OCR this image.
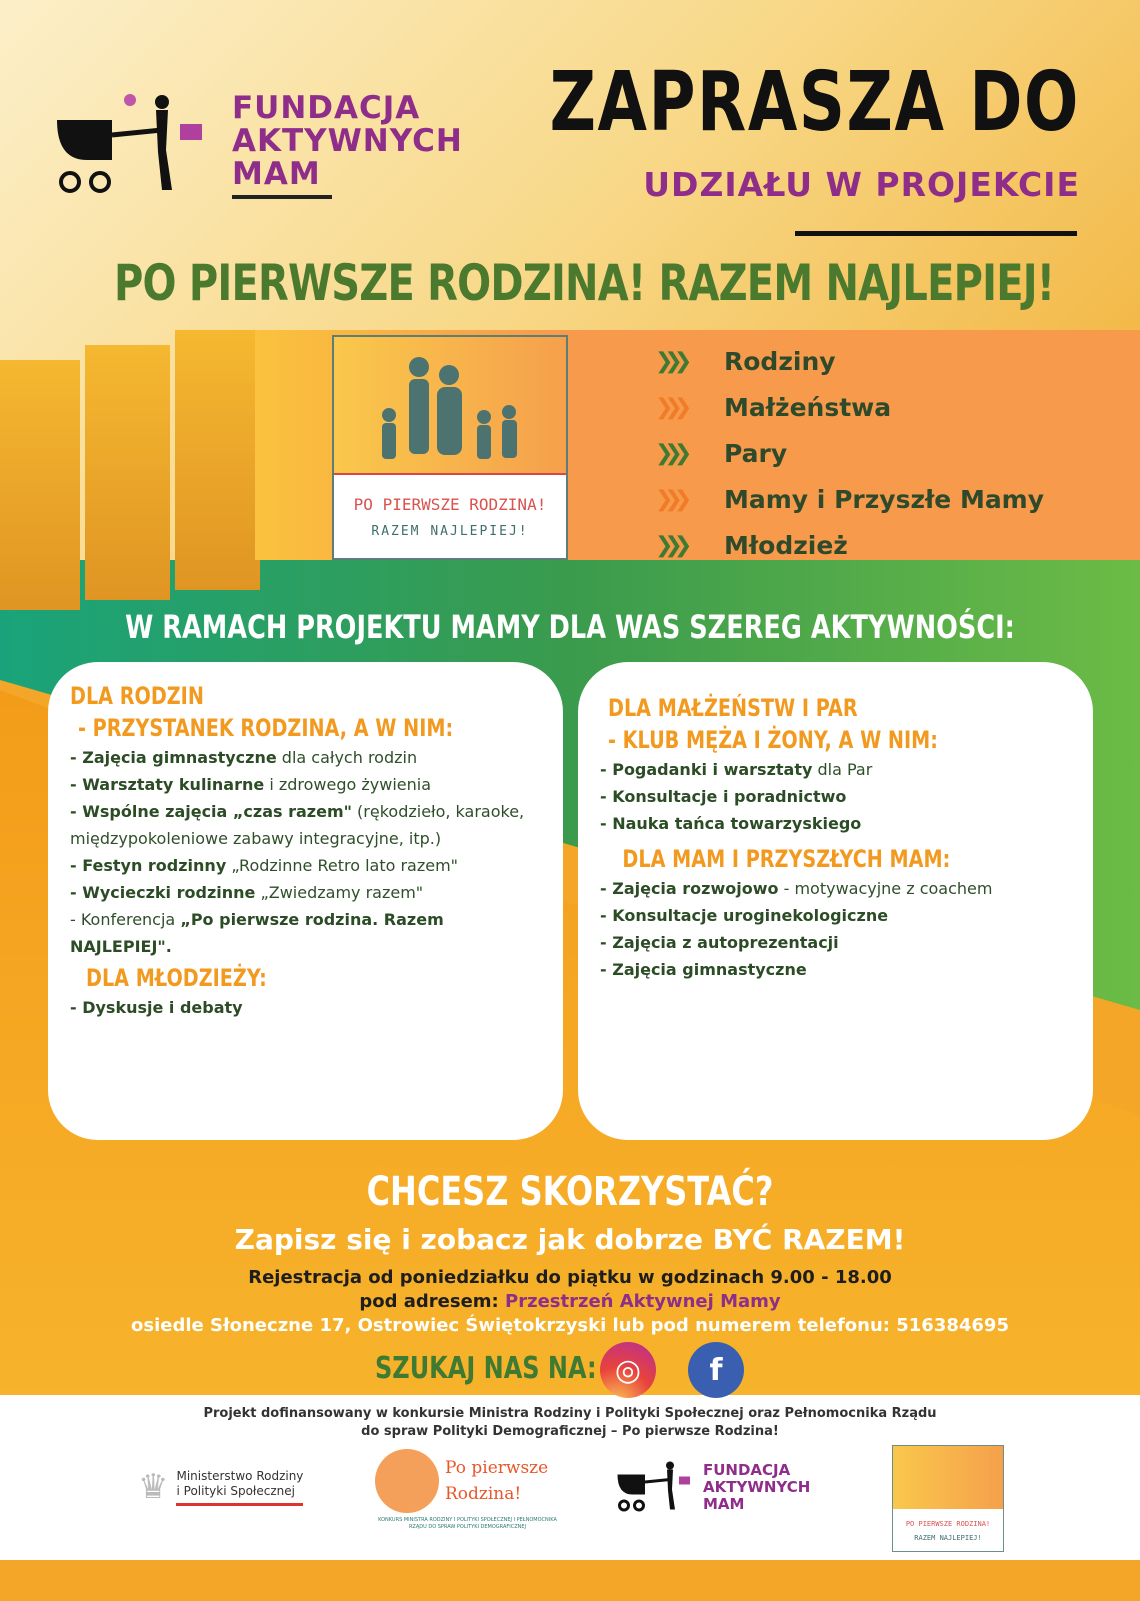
FUNDACJA
AKTYWNYCH
MAM
ZAPRASZA DO
UDZIAŁU W PROJEKCIE
PO PIERWSZE RODZINA! RAZEM NAJLEPIEJ!
PO PIERWSZE RODZINA!
RAZEM NAJLEPIEJ!
❯❯❯	Rodziny
❯❯❯	Małżeństwa
❯❯❯	Pary
❯❯❯	Mamy i Przyszłe Mamy
❯❯❯	Młodzież
W RAMACH PROJEKTU MAMY DLA WAS SZEREG AKTYWNOŚCI:
DLA RODZIN
- PRZYSTANEK RODZINA, A W NIM:
- Zajęcia gimnastyczne dla całych rodzin
- Warsztaty kulinarne i zdrowego żywienia
- Wspólne zajęcia „czas razem" (rękodzieło, karaoke, międzypokoleniowe zabawy integracyjne, itp.)
- Festyn rodzinny „Rodzinne Retro lato razem"
- Wycieczki rodzinne „Zwiedzamy razem"
- Konferencja „Po pierwsze rodzina. Razem NAJLEPIEJ".
DLA MŁODZIEŻY:
- Dyskusje i debaty
DLA MAŁŻEŃSTW I PAR
- KLUB MĘŻA I ŻONY, A W NIM:
- Pogadanki i warsztaty dla Par
- Konsultacje i poradnictwo
- Nauka tańca towarzyskiego
DLA MAM I PRZYSZŁYCH MAM:
- Zajęcia rozwojowo - motywacyjne z coachem
- Konsultacje uroginekologiczne
- Zajęcia z autoprezentacji
- Zajęcia gimnastyczne
CHCESZ SKORZYSTAĆ?
Zapisz się i zobacz jak dobrze BYĆ RAZEM!
Rejestracja od poniedziałku do piątku w godzinach 9.00 - 18.00
pod adresem: Przestrzeń Aktywnej Mamy
osiedle Słoneczne 17, Ostrowiec Świętokrzyski lub pod numerem telefonu: 516384695
SZUKAJ NAS NA: ◎	f
Projekt dofinansowany w konkursie Ministra Rodziny i Polityki Społecznej oraz Pełnomocnika Rządu
do spraw Polityki Demograficznej – Po pierwsze Rodzina!
♛ Ministerstwo Rodziny
i Polityki Społecznej
Po pierwsze
Rodzina!
KONKURS MINISTRA RODZINY I POLITYKI SPOŁECZNEJ I PEŁNOMOCNIKA RZĄDU DO SPRAW POLITYKI DEMOGRAFICZNEJ
FUNDACJA
AKTYWNYCH
MAM
PO PIERWSZE RODZINA!
RAZEM NAJLEPIEJ!
